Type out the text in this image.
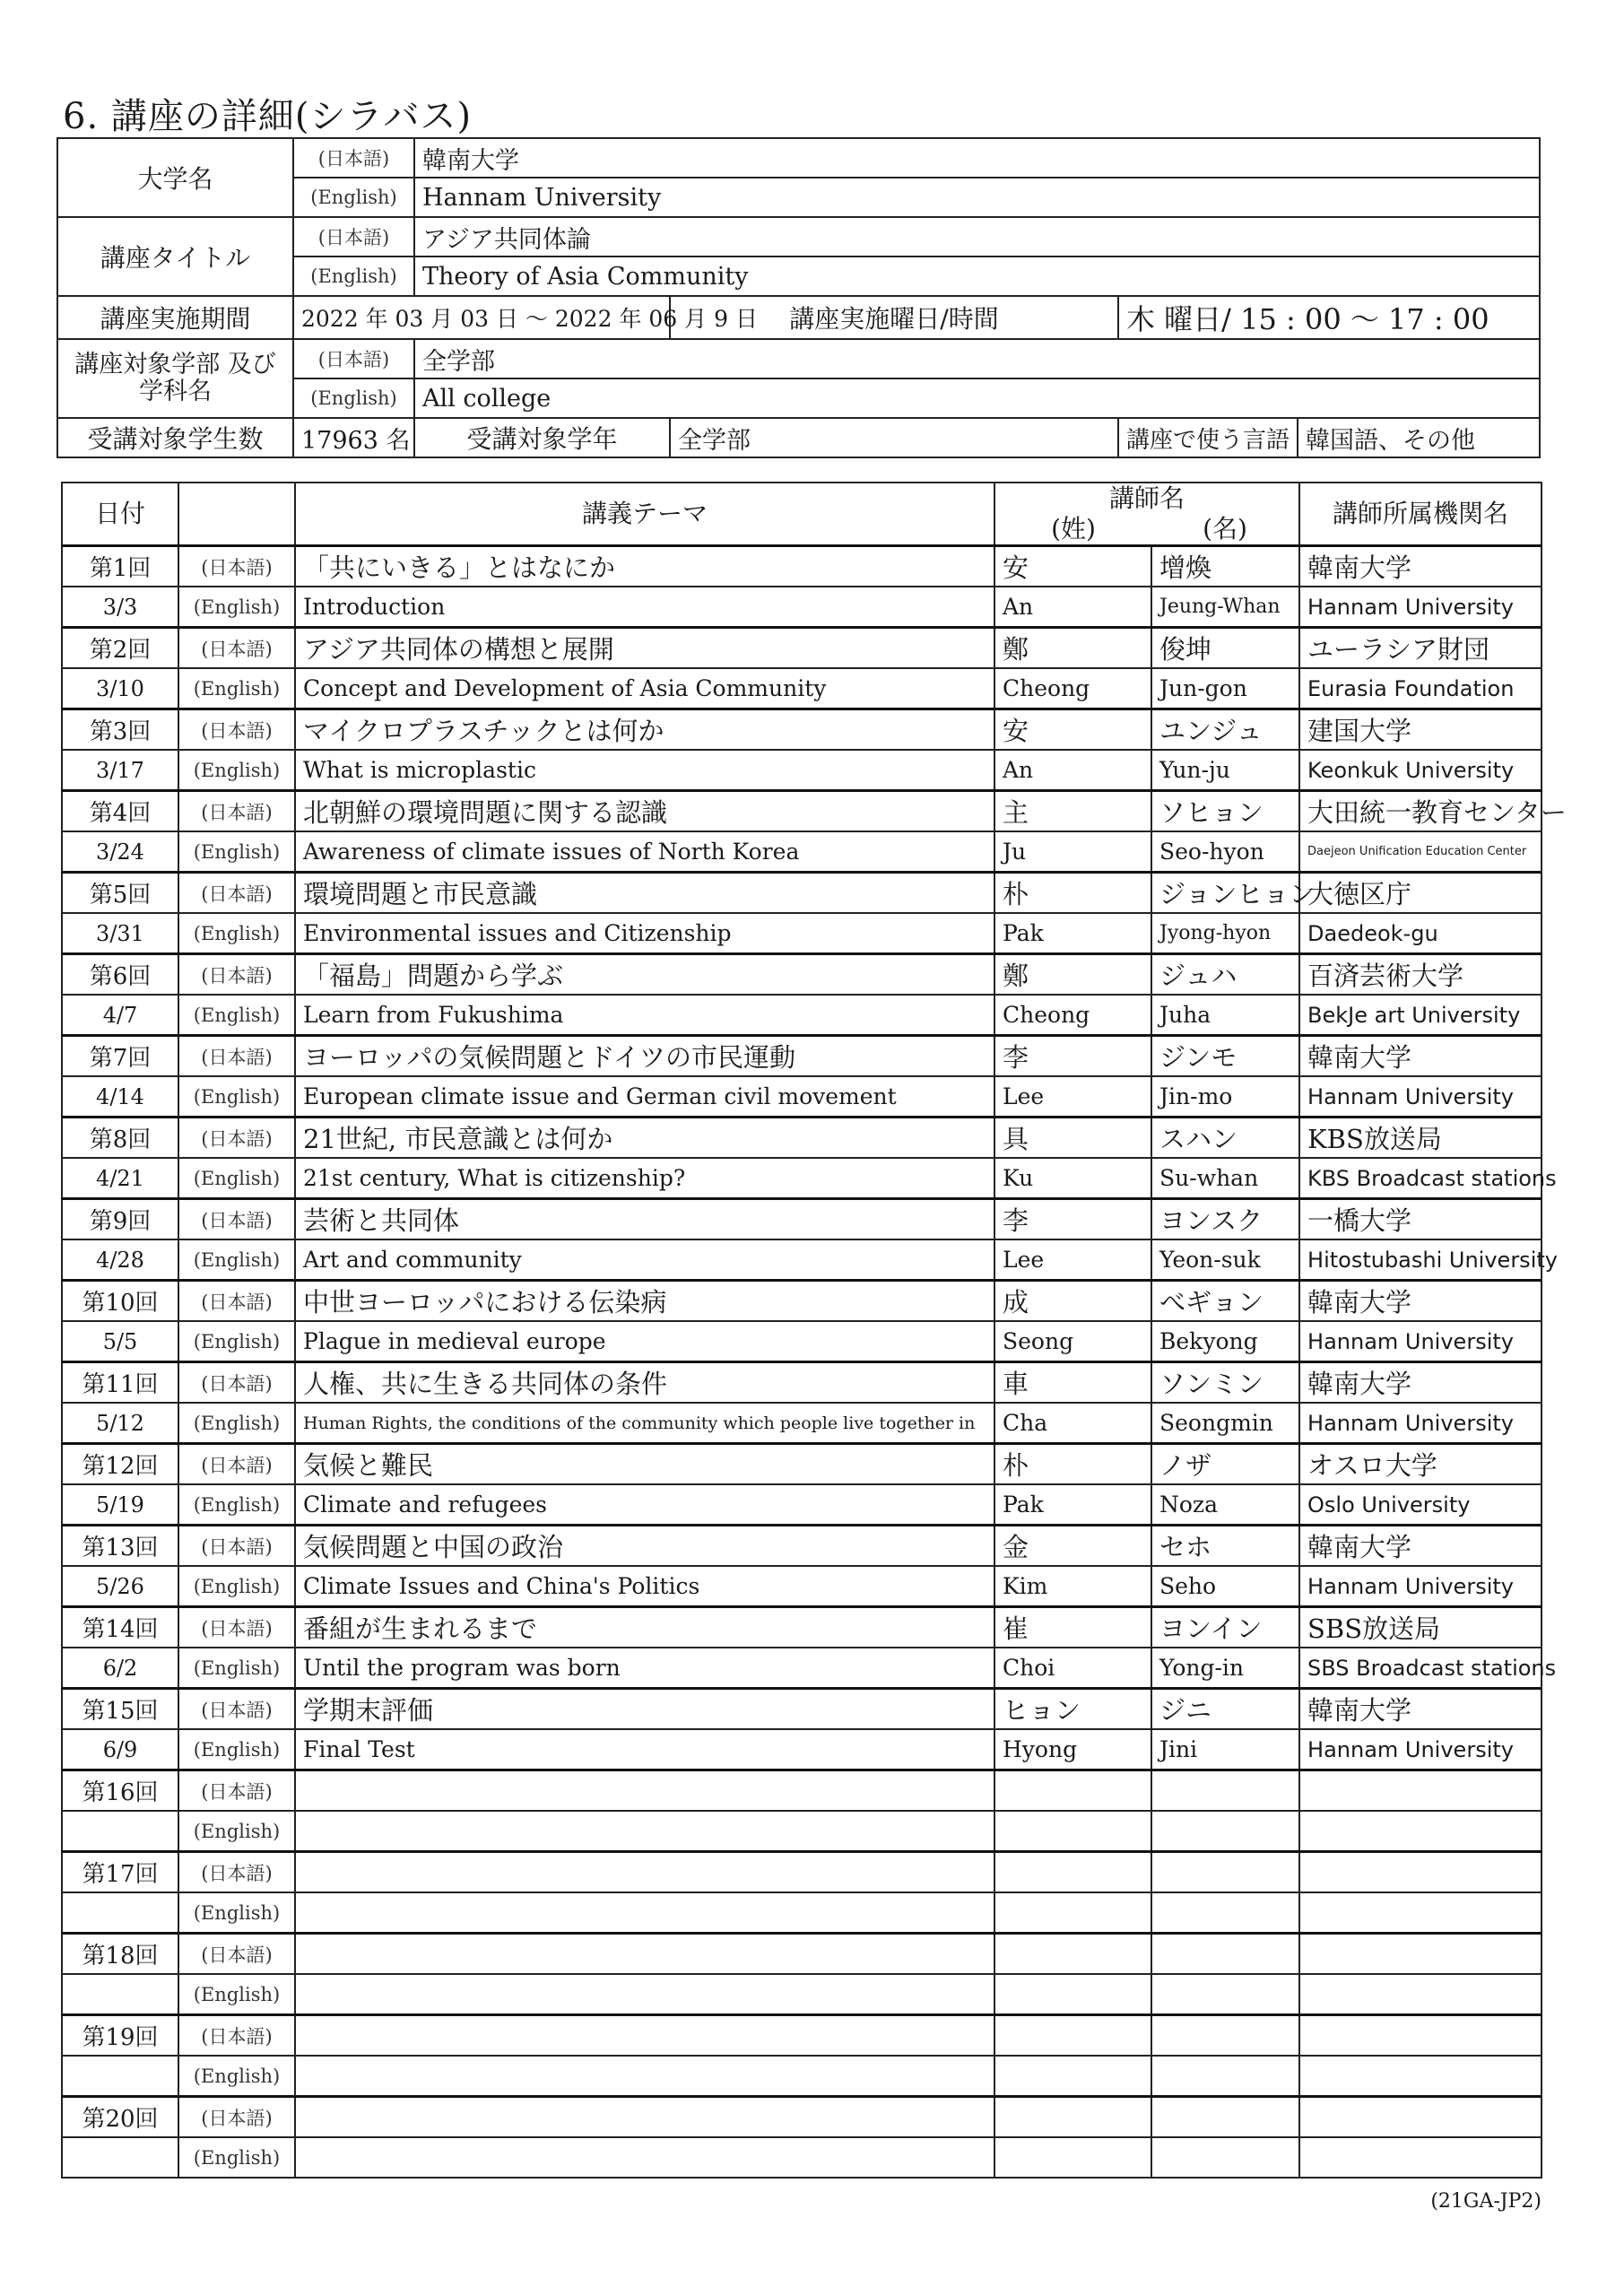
6. 講座の詳細(シラバス)
大学名	(日本語)	韓南大学			
	(English)	Hannam University			
講座タイトル	(日本語)	アジア共同体論			
	(English)	Theory of Asia Community			
講座実施期間	2022 年 03 月 03 日 ～ 2022 年 06 月 9 日		講座実施曜日/時間	木 曜日/ 15 : 00 ～ 17 : 00	
講座対象学部 及び学科名	(日本語)	全学部			
	(English)	All college			
受講対象学生数	17963 名	受講対象学年	全学部	講座で使う言語	韓国語、その他
日付		講義テーマ	講師名		講師所属機関名
			(姓)	(名)	
第1回	(日本語)	「共にいきる」とはなにか	安	增煥	韓南大学
3/3	(English)	Introduction	An	Jeung-Whan	Hannam University
第2回	(日本語)	アジア共同体の構想と展開	鄭	俊坤	ユーラシア財団
3/10	(English)	Concept and Development of Asia Community	Cheong	Jun-gon	Eurasia Foundation
第3回	(日本語)	マイクロプラスチックとは何か	安	ユンジュ	建国大学
3/17	(English)	What is microplastic	An	Yun-ju	Keonkuk University
第4回	(日本語)	北朝鮮の環境問題に関する認識	主	ソヒョン	大田統一教育センター
3/24	(English)	Awareness of climate issues of North Korea	Ju	Seo-hyon	Daejeon Unification Education Center
第5回	(日本語)	環境問題と市民意識	朴	ジョンヒョン	大徳区庁
3/31	(English)	Environmental issues and Citizenship	Pak	Jyong-hyon	Daedeok-gu
第6回	(日本語)	「福島」問題から学ぶ	鄭	ジュハ	百済芸術大学
4/7	(English)	Learn from Fukushima	Cheong	Juha	BekJe art University
第7回	(日本語)	ヨーロッパの気候問題とドイツの市民運動	李	ジンモ	韓南大学
4/14	(English)	European climate issue and German civil movement	Lee	Jin-mo	Hannam University
第8回	(日本語)	21世紀, 市民意識とは何か	具	スハン	KBS放送局
4/21	(English)	21st century, What is citizenship?	Ku	Su-whan	KBS Broadcast stations
第9回	(日本語)	芸術と共同体	李	ヨンスク	一橋大学
4/28	(English)	Art and community	Lee	Yeon-suk	Hitostubashi University
第10回	(日本語)	中世ヨーロッパにおける伝染病	成	べギョン	韓南大学
5/5	(English)	Plague in medieval europe	Seong	Bekyong	Hannam University
第11回	(日本語)	人権、共に生きる共同体の条件	車	ソンミン	韓南大学
5/12	(English)	Human Rights, the conditions of the community which people live together in	Cha	Seongmin	Hannam University
第12回	(日本語)	気候と難民	朴	ノザ	オスロ大学
5/19	(English)	Climate and refugees	Pak	Noza	Oslo University
第13回	(日本語)	気候問題と中国の政治	金	セホ	韓南大学
5/26	(English)	Climate Issues and China's Politics	Kim	Seho	Hannam University
第14回	(日本語)	番組が生まれるまで	崔	ヨンイン	SBS放送局
6/2	(English)	Until the program was born	Choi	Yong-in	SBS Broadcast stations
第15回	(日本語)	学期末評価	ヒョン	ジニ	韓南大学
6/9	(English)	Final Test	Hyong	Jini	Hannam University
第16回	(日本語)				
	(English)				
第17回	(日本語)				
	(English)				
第18回	(日本語)				
	(English)				
第19回	(日本語)				
	(English)				
第20回	(日本語)				
	(English)				
(21GA-JP2)
